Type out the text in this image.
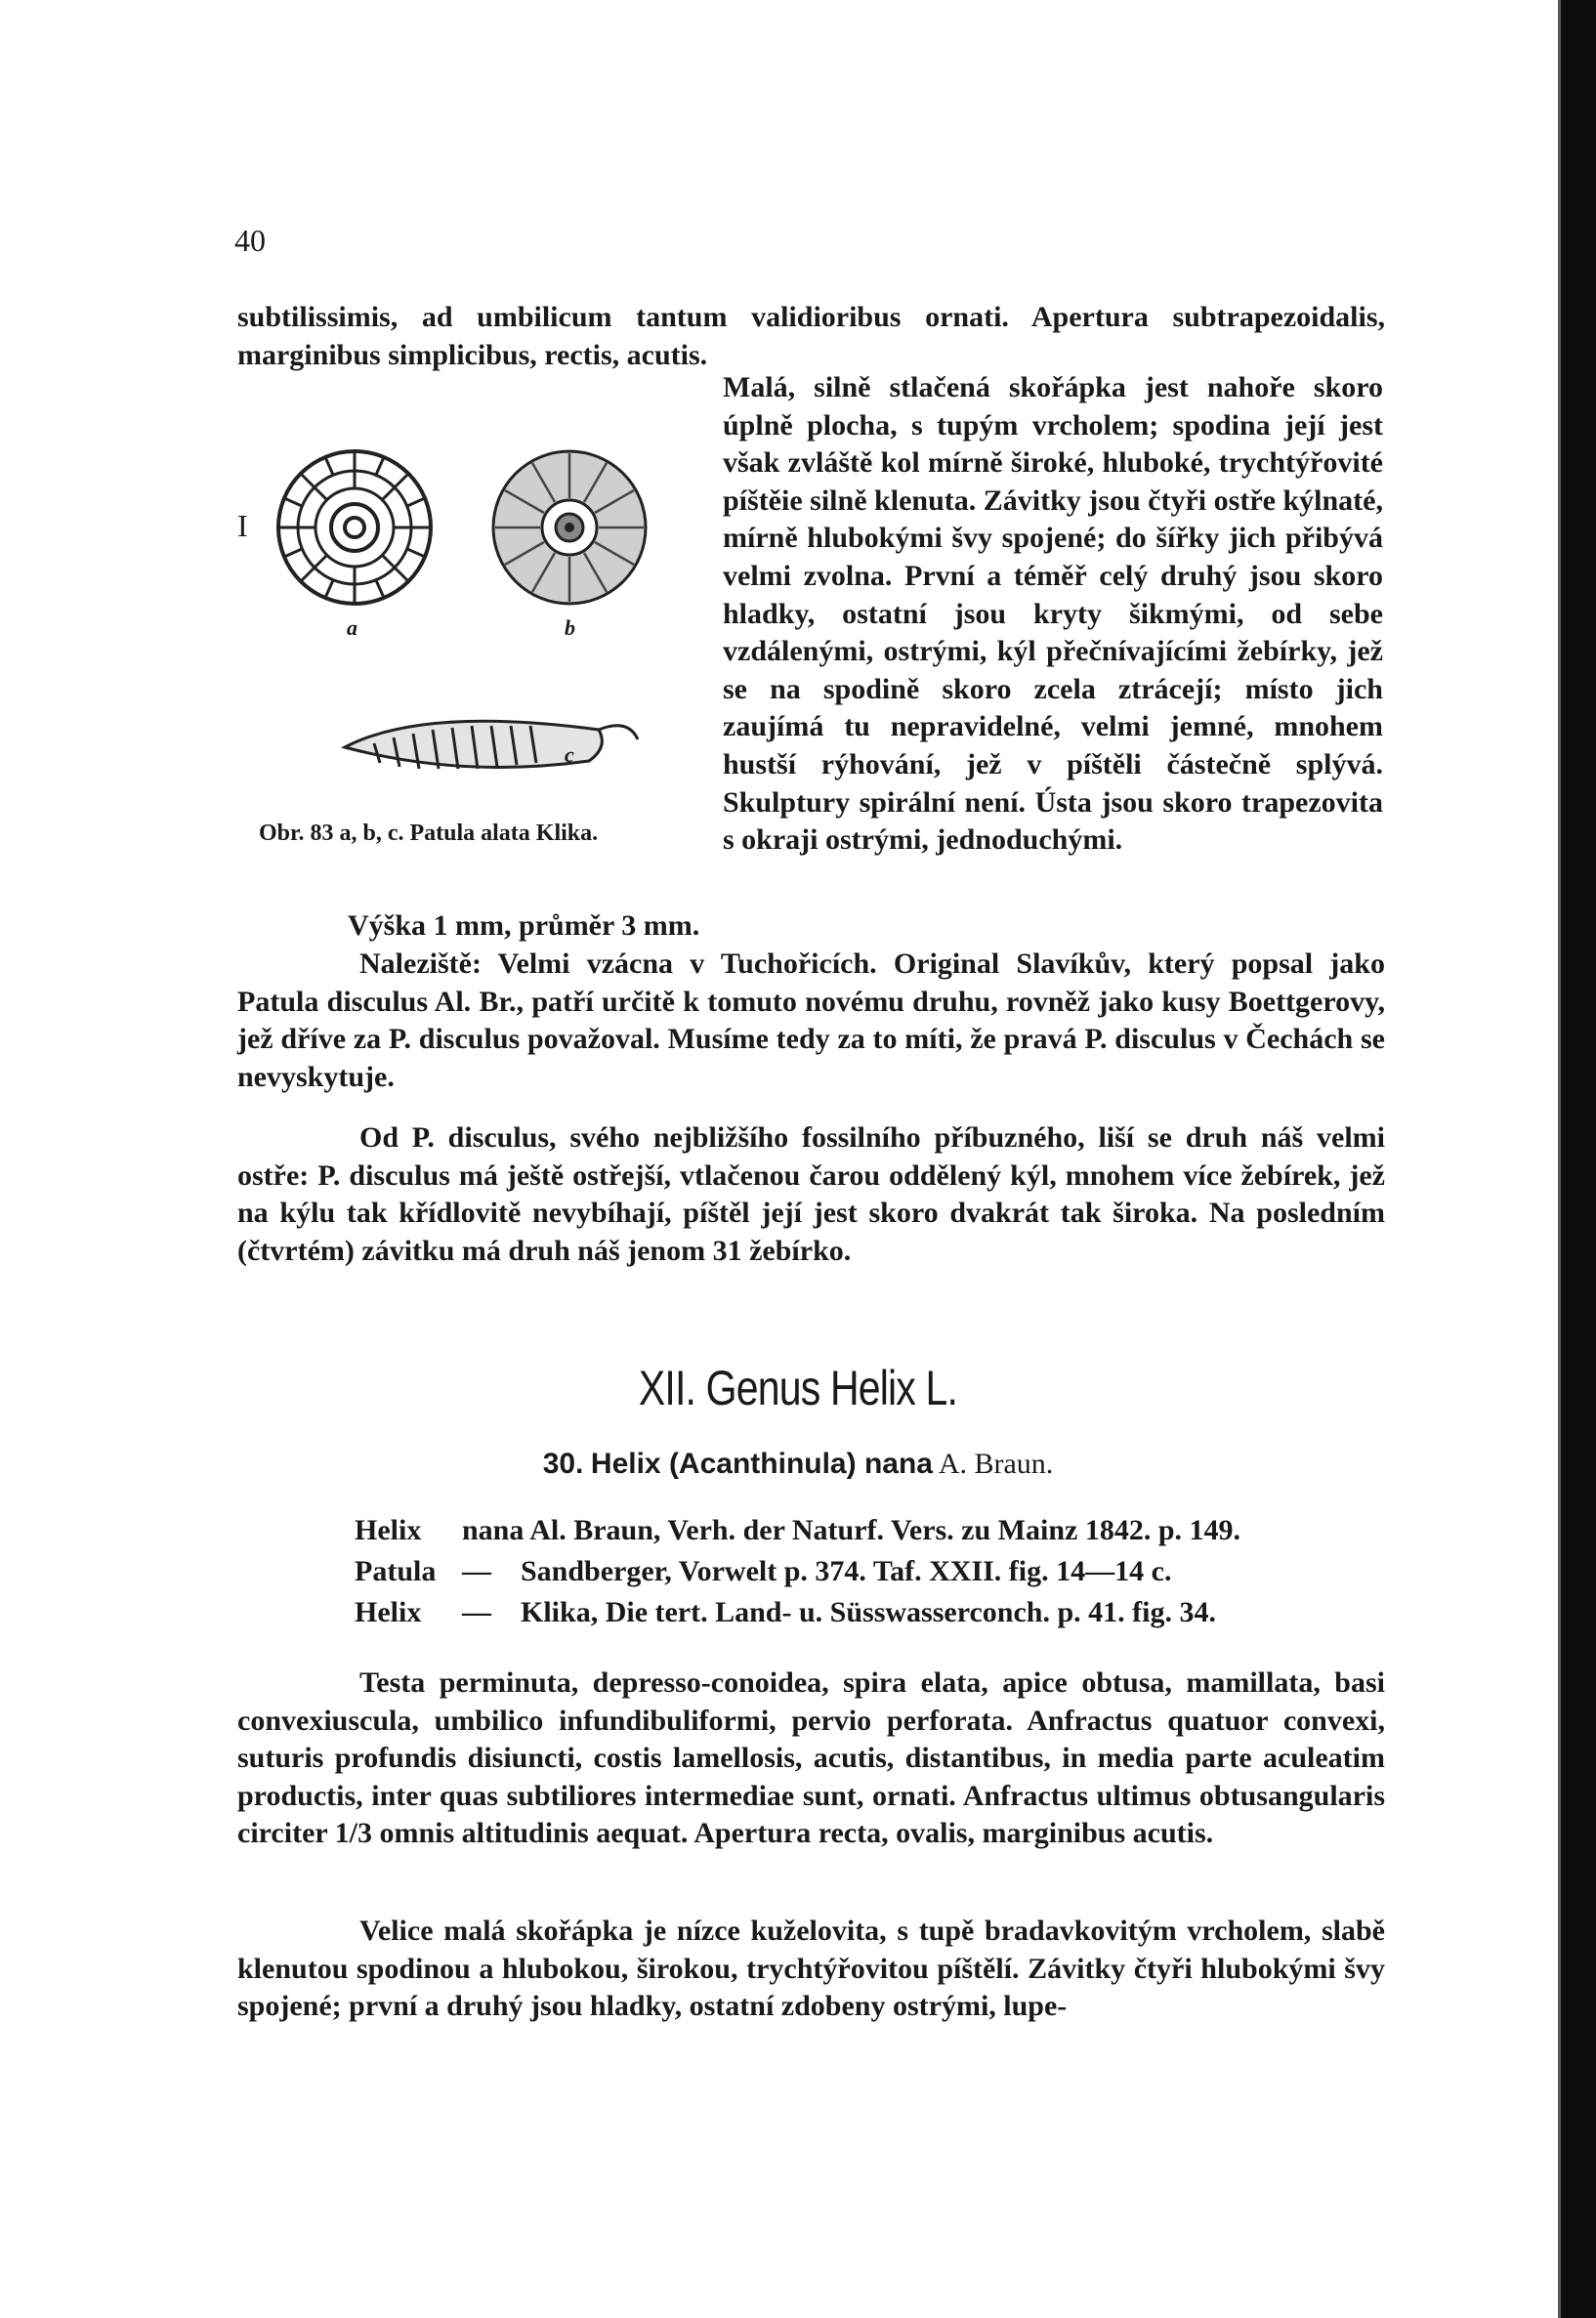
40
subtilissimis, ad umbilicum tantum validioribus ornati. Apertura subtrapezoidalis, marginibus simplicibus, rectis, acutis.
I
a	b
c
Obr. 83 a, b, c. Patula alata Klika.
Malá, silně stlačená skořápka jest nahoře skoro úplně plocha, s tupým vrcholem; spodina její jest však zvláště kol mírně široké, hluboké, trychtýřovité píštěie silně klenuta. Závitky jsou čtyři ostře kýlnaté, mírně hlubokými švy spojené; do šířky jich přibývá velmi zvolna. První a téměř celý druhý jsou skoro hladky, ostatní jsou kryty šikmými, od sebe vzdálenými, ostrými, kýl přečnívajícími žebírky, jež se na spodině skoro zcela ztrácejí; místo jich zaujímá tu nepravidelné, velmi jemné, mnohem hustší rýhování, jež v píštěli částečně splývá. Skulptury spirální není. Ústa jsou skoro trapezovita s okraji ostrými, jednoduchými.
Výška 1 mm, průměr 3 mm.
Naleziště: Velmi vzácna v Tuchořicích. Original Slavíkův, který popsal jako Patula disculus Al. Br., patří určitě k tomuto novému druhu, rovněž jako kusy Boettgerovy, jež dříve za P. disculus považoval. Musíme tedy za to míti, že pravá P. disculus v Čechách se nevyskytuje.
Od P. disculus, svého nejbližšího fossilního příbuzného, liší se druh náš velmi ostře: P. disculus má ještě ostřejší, vtlačenou čarou oddělený kýl, mnohem více žebírek, jež na kýlu tak křídlovitě nevybíhají, píštěl její jest skoro dvakrát tak široka. Na posledním (čtvrtém) závitku má druh náš jenom 31 žebírko.
XII. Genus Helix L.
30. Helix (Acanthinula) nana A. Braun.
Helix	nana Al. Braun, Verh. der Naturf. Vers. zu Mainz 1842. p. 149.	
Patula	—	Sandberger, Vorwelt p. 374. Taf. XXII. fig. 14—14 c.
Helix	—	Klika, Die tert. Land- u. Süsswasserconch. p. 41. fig. 34.
Testa perminuta, depresso-conoidea, spira elata, apice obtusa, mamillata, basi convexiuscula, umbilico infundibuliformi, pervio perforata. Anfractus quatuor convexi, suturis profundis disiuncti, costis lamellosis, acutis, distantibus, in media parte aculeatim productis, inter quas subtiliores intermediae sunt, ornati. Anfractus ultimus obtusangularis circiter 1/3 omnis altitudinis aequat. Apertura recta, ovalis, marginibus acutis.
Velice malá skořápka je nízce kuželovita, s tupě bradavkovitým vrcholem, slabě klenutou spodinou a hlubokou, širokou, trychtýřovitou píštělí. Závitky čtyři hlubokými švy spojené; první a druhý jsou hladky, ostatní zdobeny ostrými, lupe-
